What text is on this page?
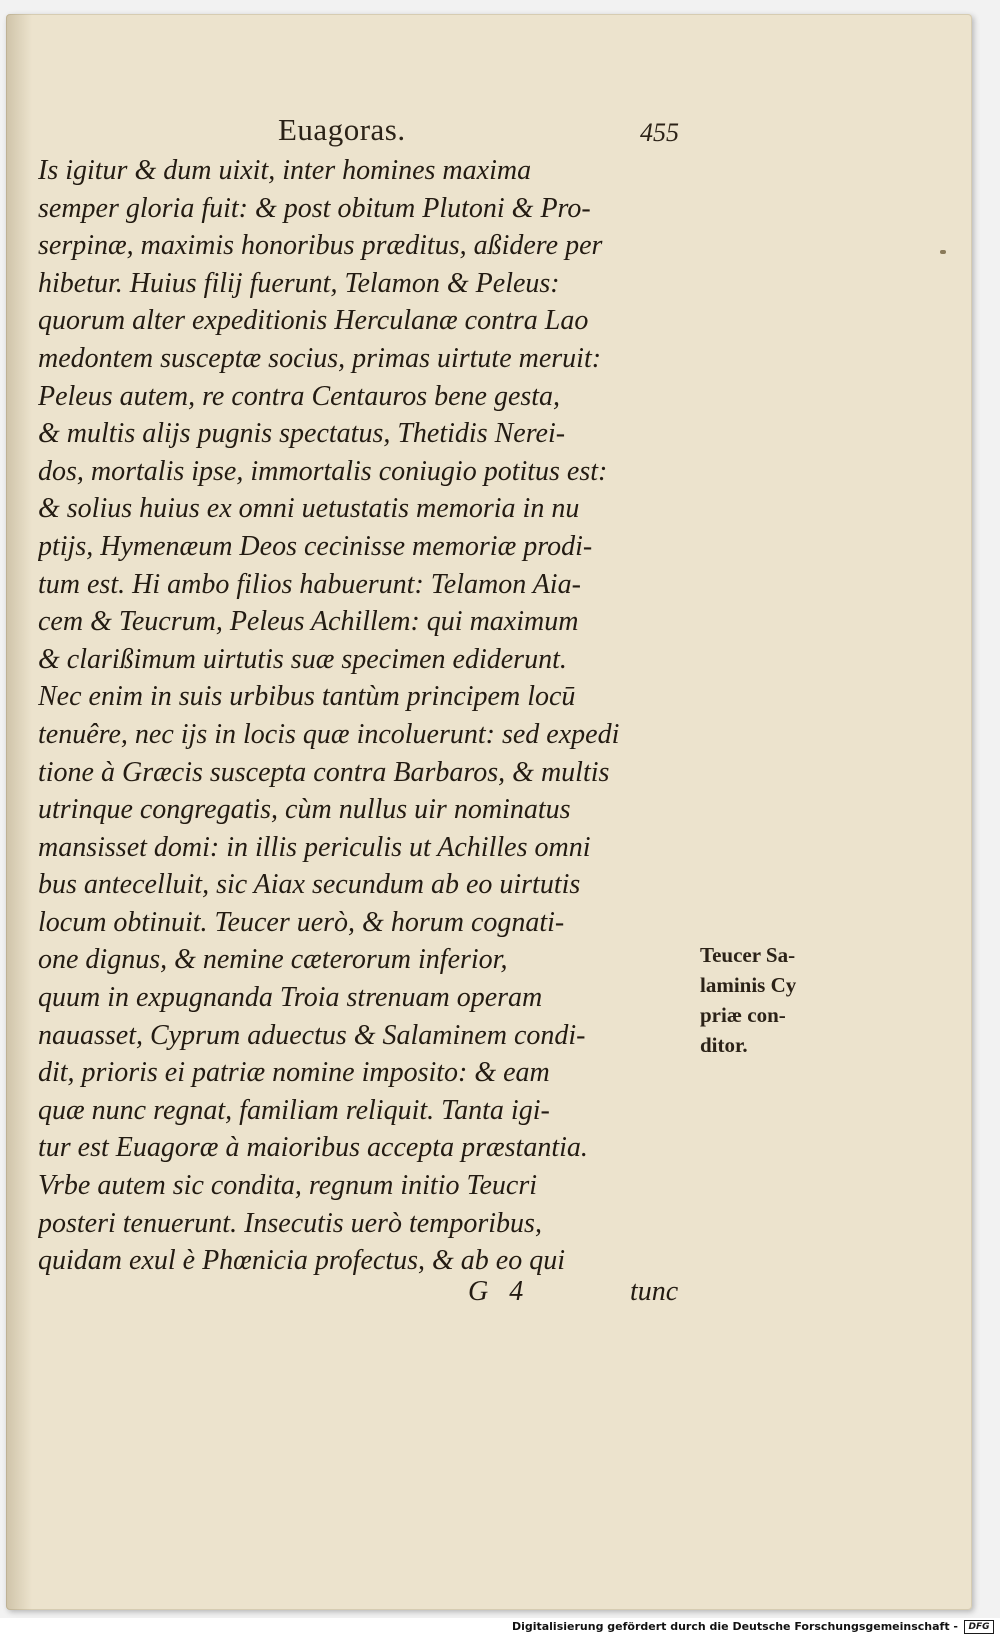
Euagoras.	455
Is igitur & dum uixit, inter homines maxima
semper gloria fuit: & post obitum Plutoni & Pro-
serpinæ, maximis honoribus præditus, aßidere per
hibetur. Huius filij fuerunt, Telamon & Peleus:
quorum alter expeditionis Herculanæ contra Lao
medontem susceptæ socius, primas uirtute meruit:
Peleus autem, re contra Centauros bene gesta,
& multis alijs pugnis spectatus, Thetidis Nerei-
dos, mortalis ipse, immortalis coniugio potitus est:
& solius huius ex omni uetustatis memoria in nu
ptijs, Hymenæum Deos cecinisse memoriæ prodi-
tum est. Hi ambo filios habuerunt: Telamon Aia-
cem & Teucrum, Peleus Achillem: qui maximum
& clarißimum uirtutis suæ specimen ediderunt.
Nec enim in suis urbibus tantùm principem locū
tenuêre, nec ijs in locis quæ incoluerunt: sed expedi
tione à Græcis suscepta contra Barbaros, & multis
utrinque congregatis, cùm nullus uir nominatus
mansisset domi: in illis periculis ut Achilles omni
bus antecelluit, sic Aiax secundum ab eo uirtutis
locum obtinuit. Teucer uerò, & horum cognati-
one dignus, & nemine cæterorum inferior,
quum in expugnanda Troia strenuam operam
nauasset, Cyprum aduectus & Salaminem condi-
dit, prioris ei patriæ nomine imposito: & eam
quæ nunc regnat, familiam reliquit. Tanta igi-
tur est Euagoræ à maioribus accepta præstantia.
Vrbe autem sic condita, regnum initio Teucri
posteri tenuerunt. Insecutis uerò temporibus,
quidam exul è Phœnicia profectus, & ab eo qui
Teucer Sa-
laminis Cy
priæ con-
ditor.
G 4	tunc
Digitalisierung gefördert durch die Deutsche Forschungsgemeinschaft -	DFG
